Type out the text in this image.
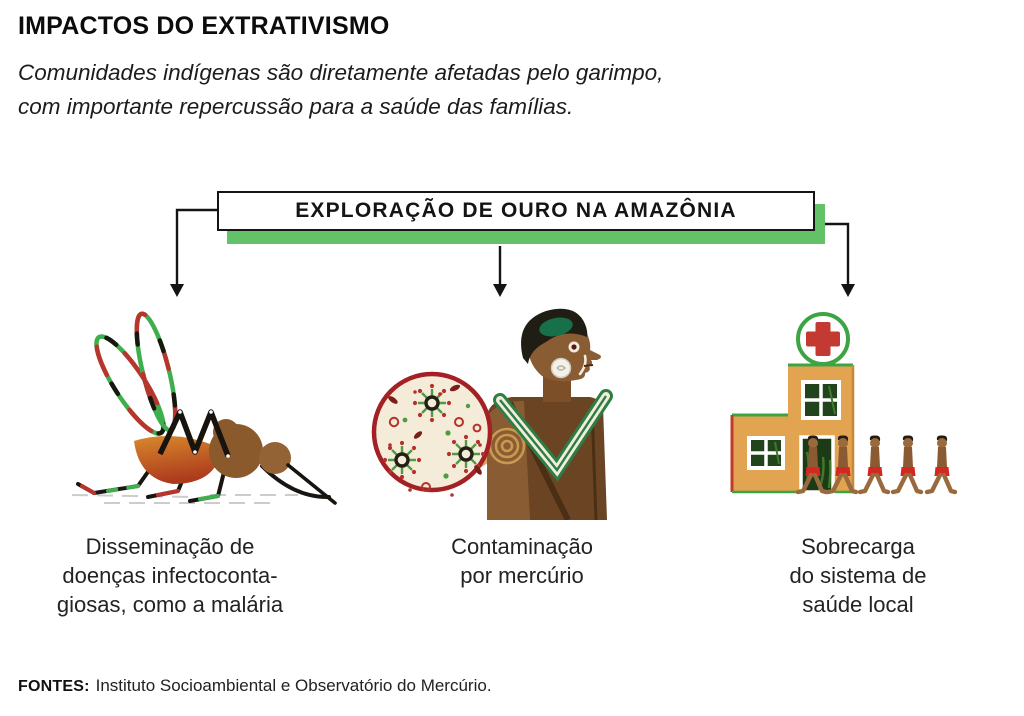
IMPACTOS DO EXTRATIVISMO

Comunidades indígenas são diretamente afetadas pelo garimpo,
com importante repercussão para a saúde das famílias.

EXPLORAÇÃO DE OURO NA AMAZÔNIA
Disseminação de
doenças infectoconta-
giosas, como a malária
Contaminação
por mercúrio
Sobrecarga
do sistema de
saúde local
FONTES: Instituto Socioambiental e Observatório do Mercúrio.
